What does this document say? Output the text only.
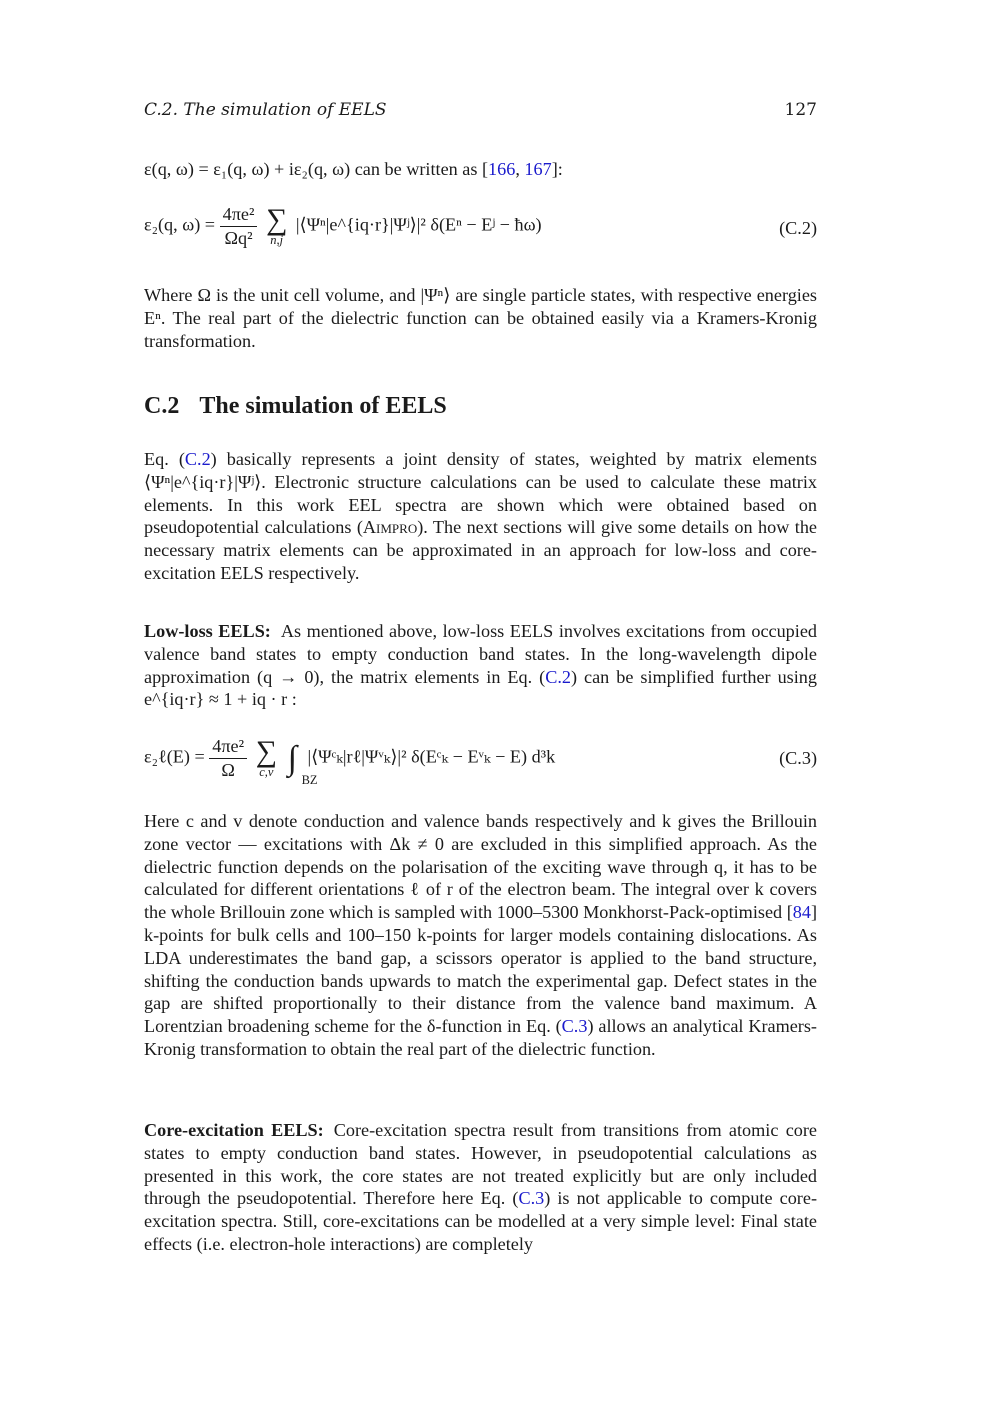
C.2. The simulation of EELS	127

ε(q, ω) = ε₁(q, ω) + iε₂(q, ω) can be written as [166, 167]:

ε₂(q, $\omega) = \frac{\text{4πe²}}{\text{Ωq²}}$
∑
n,j
|⟨Ψⁿ|e^{iq·r}|Ψʲ⟩|² δ(Eⁿ − Eʲ − ħω)	(C.2)

Where Ω is the unit cell volume, and |Ψⁿ⟩ are single particle states, with respective energies Eⁿ. The real part of the dielectric function can be obtained easily via a Kramers-Kronig transformation.

C.2 The simulation of EELS

Eq. (C.2) basically represents a joint density of states, weighted by matrix elements ⟨Ψⁿ|e^{iq·r}|Ψʲ⟩. Electronic structure calculations can be used to calculate these matrix elements. In this work EEL spectra are shown which were obtained based on pseudopotential calculations (Aimpro). The next sections will give some details on how the necessary matrix elements can be approximated in an approach for low-loss and core-excitation EELS respectively.

Low-loss EELS: As mentioned above, low-loss EELS involves excitations from occupied valence band states to empty conduction band states. In the long-wavelength dipole approximation (q → 0), the matrix elements in Eq. (C.2) can be simplified further using e^{iq·r} ≈ 1 + iq · r :

ε₂ℓ(E) = $\frac{\text{4πe²}}{\Omega}$
∑
c,v ∫
BZ
|⟨Ψᶜₖ|rℓ|Ψᵛₖ⟩|² δ(Eᶜₖ − Eᵛₖ − E) d³k	(C.3)

Here c and v denote conduction and valence bands respectively and k gives the Brillouin zone vector — excitations with Δk ≠ 0 are excluded in this simplified approach. As the dielectric function depends on the polarisation of the exciting wave through q, it has to be calculated for different orientations ℓ of r of the electron beam. The integral over k covers the whole Brillouin zone which is sampled with 1000–5300 Monkhorst-Pack-optimised [84] k-points for bulk cells and 100–150 k-points for larger models containing dislocations. As LDA underestimates the band gap, a scissors operator is applied to the band structure, shifting the conduction bands upwards to match the experimental gap. Defect states in the gap are shifted proportionally to their distance from the valence band maximum. A Lorentzian broadening scheme for the δ-function in Eq. (C.3) allows an analytical Kramers-Kronig transformation to obtain the real part of the dielectric function.

Core-excitation EELS: Core-excitation spectra result from transitions from atomic core states to empty conduction band states. However, in pseudopotential calculations as presented in this work, the core states are not treated explicitly but are only included through the pseudopotential. Therefore here Eq. (C.3) is not applicable to compute core-excitation spectra. Still, core-excitations can be modelled at a very simple level: Final state effects (i.e. electron-hole interactions) are completely
